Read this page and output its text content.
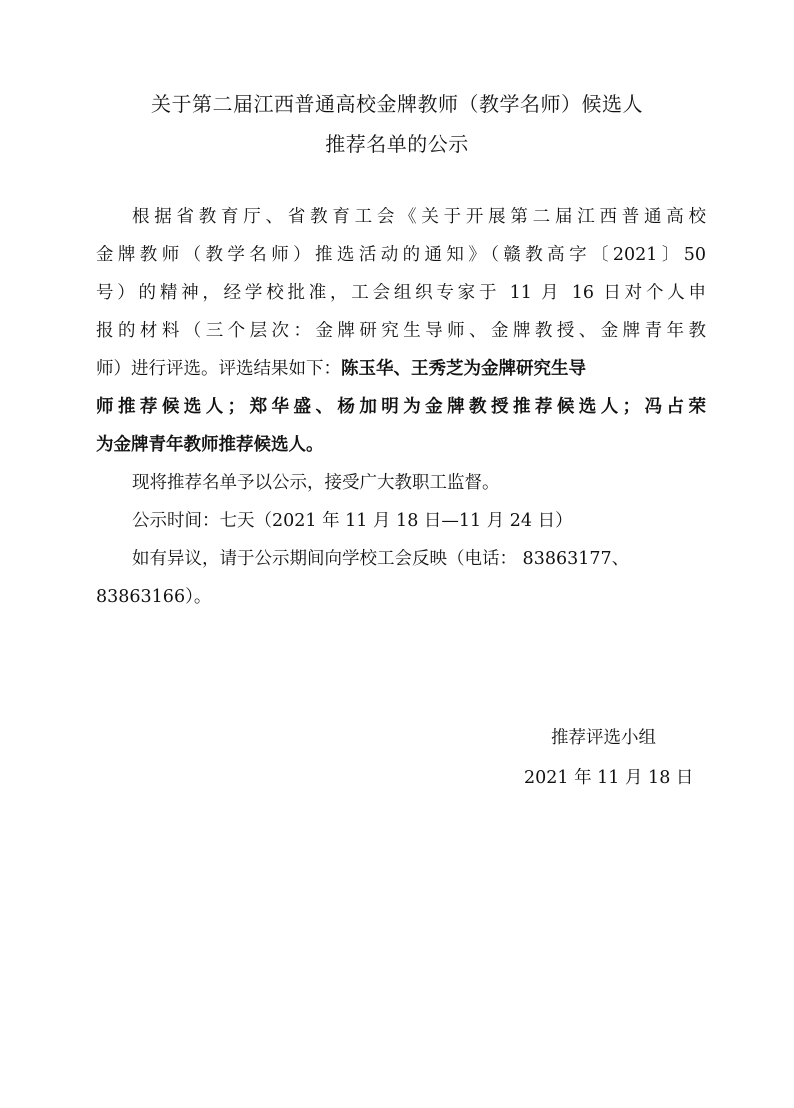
关于第二届江西普通高校金牌教师（教学名师）候选人
推荐名单的公示
根据省教育厅、省教育工会《关于开展第二届江西普通高校
金牌教师（教学名师）推选活动的通知》（赣教高字〔2021〕50
号）的精神，经学校批准，工会组织专家于 11 月 16 日对个人申
报的材料（三个层次：金牌研究生导师、金牌教授、金牌青年教
师）进行评选。评选结果如下：陈玉华、王秀芝为金牌研究生导
师推荐候选人；郑华盛、杨加明为金牌教授推荐候选人；冯占荣
为金牌青年教师推荐候选人。
现将推荐名单予以公示，接受广大教职工监督。
公示时间：七天（2021 年 11 月 18 日—11 月 24 日）
如有异议，请于公示期间向学校工会反映（电话： 83863177、
83863166）。
推荐评选小组
2021 年 11 月 18 日
